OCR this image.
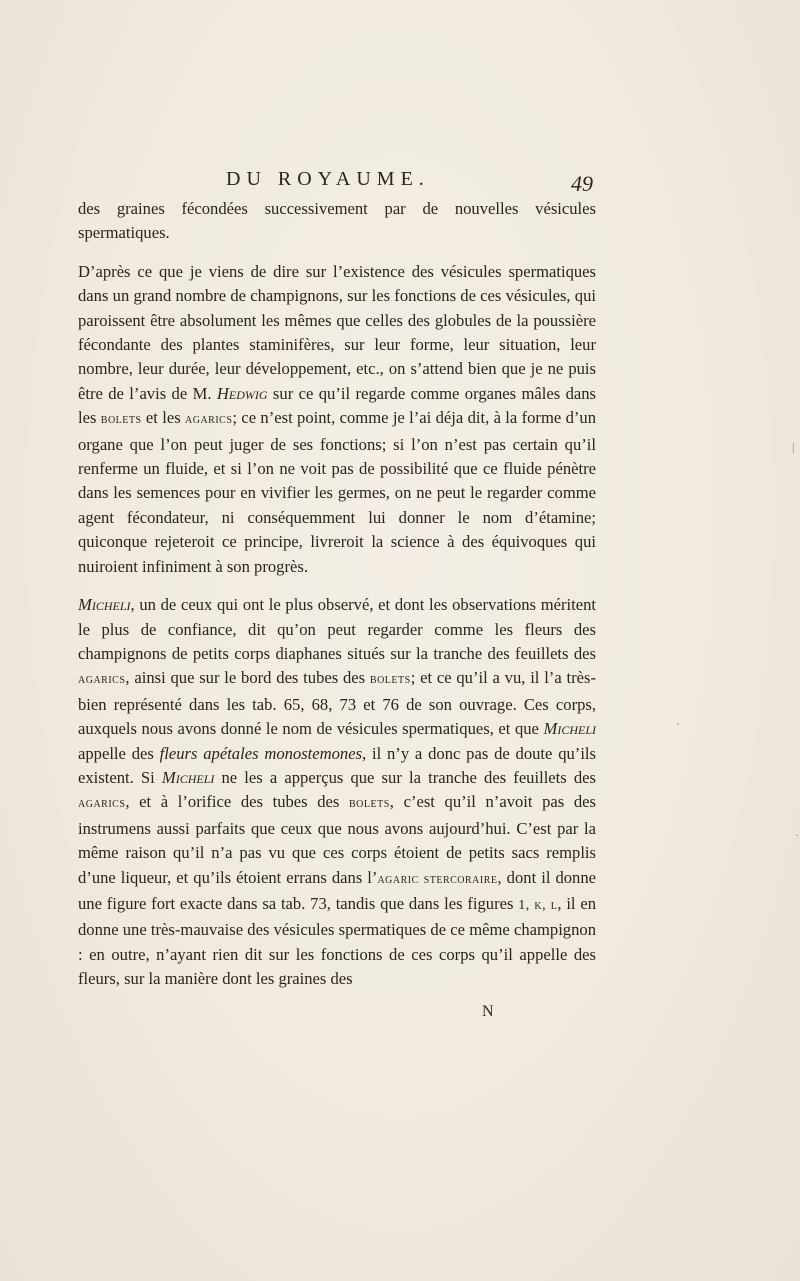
DU ROYAUME.	49

des graines fécondées successivement par de nouvelles vésicules spermatiques.

D’après ce que je viens de dire sur l’existence des vésicules spermatiques dans un grand nombre de champignons, sur les fonctions de ces vésicules, qui paroissent être absolument les mêmes que celles des globules de la poussière fécondante des plantes staminifères, sur leur forme, leur situation, leur nombre, leur durée, leur développement, etc., on s’attend bien que je ne puis être de l’avis de M. Hedwig sur ce qu’il regarde comme organes mâles dans les bolets et les agarics; ce n’est point, comme je l’ai déja dit, à la forme d’un organe que l’on peut juger de ses fonctions; si l’on n’est pas certain qu’il renferme un fluide, et si l’on ne voit pas de possibilité que ce fluide pénètre dans les semences pour en vivifier les germes, on ne peut le regarder comme agent fécondateur, ni conséquemment lui donner le nom d’étamine; quiconque rejeteroit ce principe, livreroit la science à des équivoques qui nuiroient infiniment à son progrès.

Micheli, un de ceux qui ont le plus observé, et dont les observations méritent le plus de confiance, dit qu’on peut regarder comme les fleurs des champignons de petits corps diaphanes situés sur la tranche des feuillets des agarics, ainsi que sur le bord des tubes des bolets; et ce qu’il a vu, il l’a très-bien représenté dans les tab. 65, 68, 73 et 76 de son ouvrage. Ces corps, auxquels nous avons donné le nom de vésicules spermatiques, et que Micheli appelle des fleurs apétales monostemones, il n’y a donc pas de doute qu’ils existent. Si Micheli ne les a apperçus que sur la tranche des feuillets des agarics, et à l’orifice des tubes des bolets, c’est qu’il n’avoit pas des instrumens aussi parfaits que ceux que nous avons aujourd’hui. C’est par la même raison qu’il n’a pas vu que ces corps étoient de petits sacs remplis d’une liqueur, et qu’ils étoient errans dans l’agaric stercoraire, dont il donne une figure fort exacte dans sa tab. 73, tandis que dans les figures 1, k, l, il en donne une très-mauvaise des vésicules spermatiques de ce même champignon : en outre, n’ayant rien dit sur les fonctions de ces corps qu’il appelle des fleurs, sur la manière dont les graines des

N
|
·
·
